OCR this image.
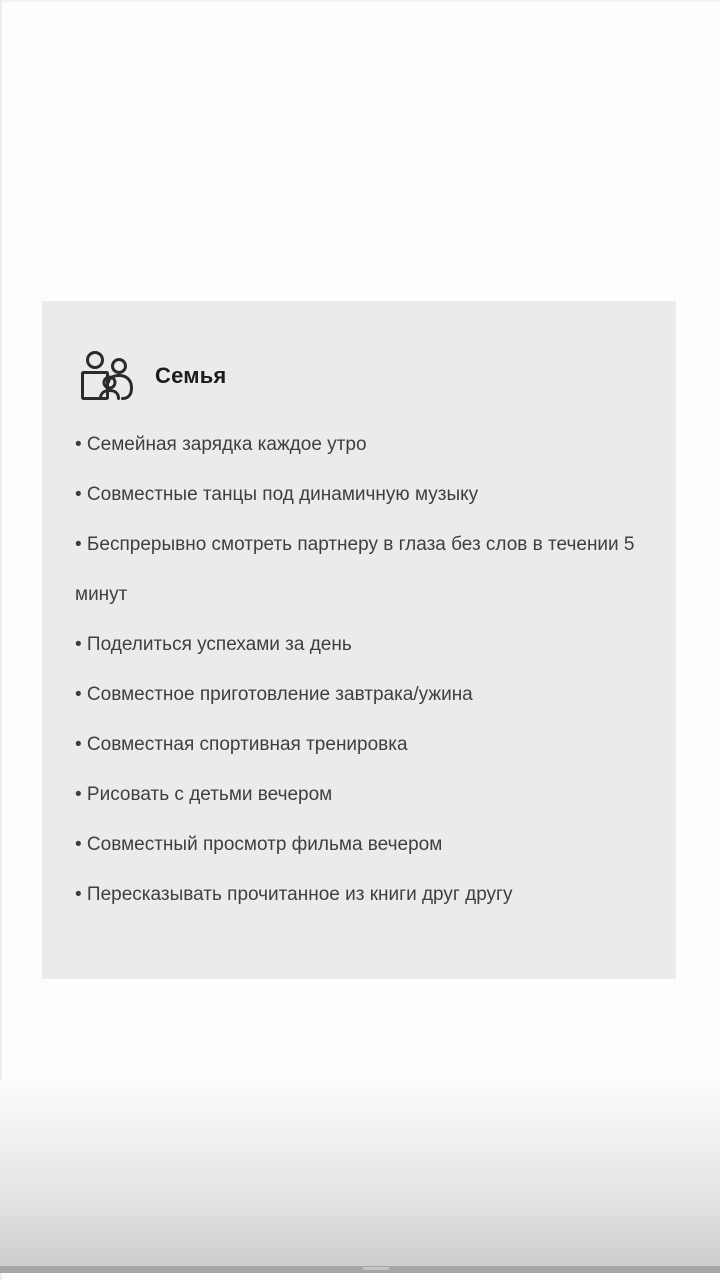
Семья
• Семейная зарядка каждое утро
• Совместные танцы под динамичную музыку
• Беспрерывно смотреть партнеру в глаза без слов в течении 5 минут
• Поделиться успехами за день
• Совместное приготовление завтрака/ужина
• Совместная спортивная тренировка
• Рисовать с детьми вечером
• Совместный просмотр фильма вечером
• Пересказывать прочитанное из книги друг другу
